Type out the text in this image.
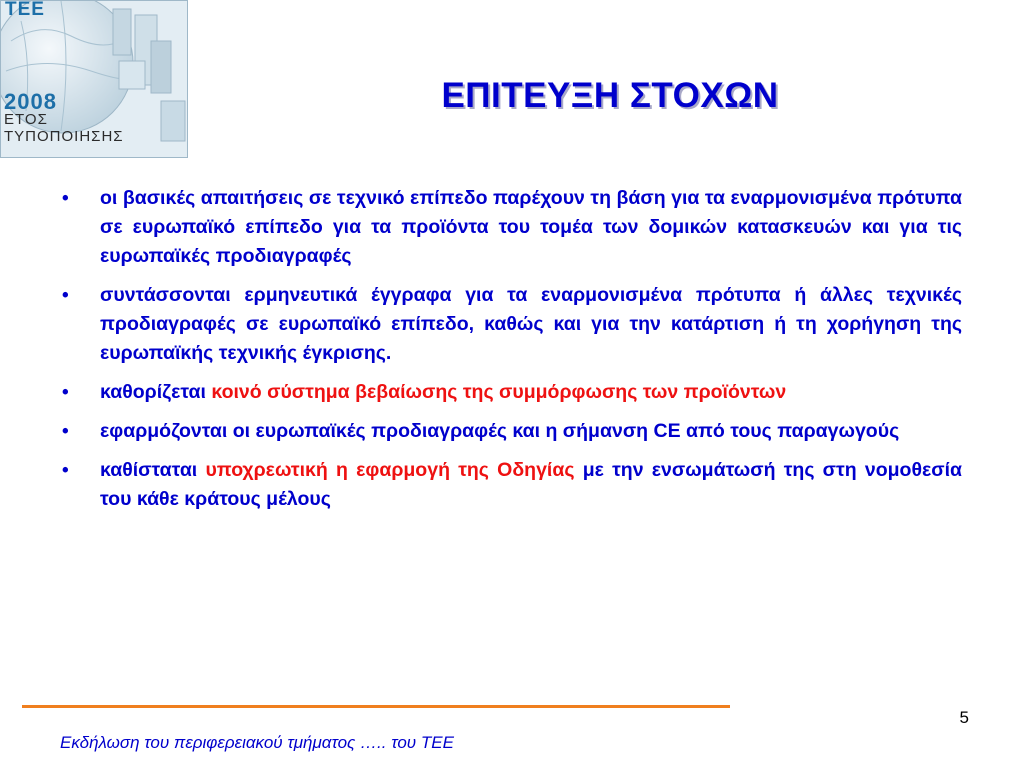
ΤΕΕ
2008
ΕΤΟΣ
ΤΥΠΟΠΟΙΗΣΗΣ
ΕΠΙΤΕΥΞΗ ΣΤΟΧΩΝ
• οι βασικές απαιτήσεις σε τεχνικό επίπεδο παρέχουν τη βάση για τα εναρμονισμένα πρότυπα σε ευρωπαϊκό επίπεδο για τα προϊόντα του τομέα των δομικών κατασκευών και για τις ευρωπαϊκές προδιαγραφές
• συντάσσονται ερμηνευτικά έγγραφα για τα εναρμονισμένα πρότυπα ή άλλες τεχνικές προδιαγραφές σε ευρωπαϊκό επίπεδο, καθώς και για την κατάρτιση ή τη χορήγηση της ευρωπαϊκής τεχνικής έγκρισης.
• καθορίζεται κοινό σύστημα βεβαίωσης της συμμόρφωσης των προϊόντων
• εφαρμόζονται οι ευρωπαϊκές προδιαγραφές και η σήμανση CE από τους παραγωγούς
• καθίσταται υποχρεωτική η εφαρμογή της Οδηγίας με την ενσωμάτωσή της στη νομοθεσία του κάθε κράτους μέλους
5
Εκδήλωση του περιφερειακού τμήματος ….. του ΤΕΕ
